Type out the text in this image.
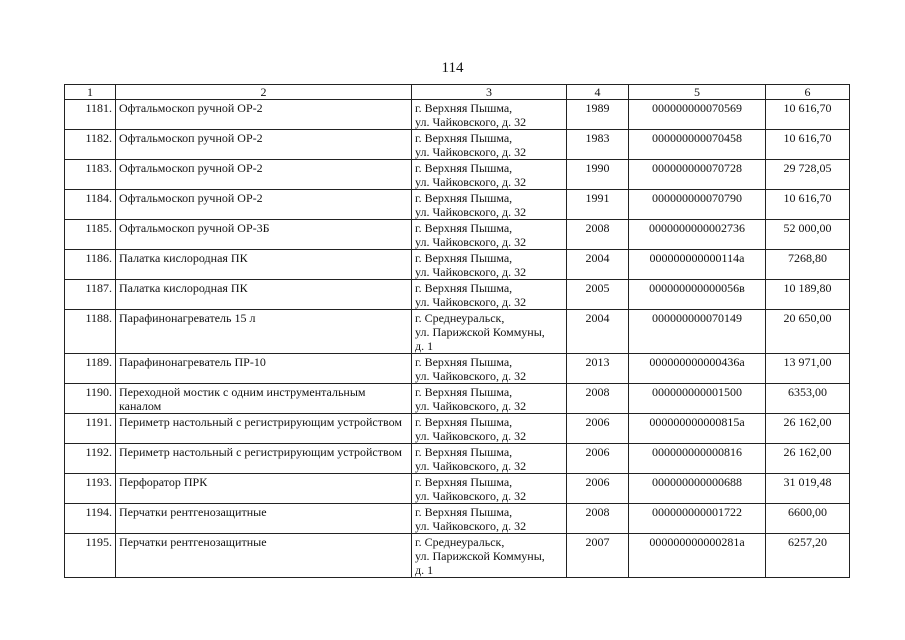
114
1	2	3	4	5	6
1181.	Офтальмоскоп ручной ОР-2	г. Верхняя Пышма,
ул. Чайковского, д. 32	1989	000000000070569	10 616,70
1182.	Офтальмоскоп ручной ОР-2	г. Верхняя Пышма,
ул. Чайковского, д. 32	1983	000000000070458	10 616,70
1183.	Офтальмоскоп ручной ОР-2	г. Верхняя Пышма,
ул. Чайковского, д. 32	1990	000000000070728	29 728,05
1184.	Офтальмоскоп ручной ОР-2	г. Верхняя Пышма,
ул. Чайковского, д. 32	1991	000000000070790	10 616,70
1185.	Офтальмоскоп ручной ОР-3Б	г. Верхняя Пышма,
ул. Чайковского, д. 32	2008	0000000000002736	52 000,00
1186.	Палатка кислородная ПК	г. Верхняя Пышма,
ул. Чайковского, д. 32	2004	000000000000114а	7268,80
1187.	Палатка кислородная ПК	г. Верхняя Пышма,
ул. Чайковского, д. 32	2005	000000000000056в	10 189,80
1188.	Парафинонагреватель 15 л	г. Среднеуральск,
ул. Парижской Коммуны,
д. 1	2004	000000000070149	20 650,00
1189.	Парафинонагреватель ПР-10	г. Верхняя Пышма,
ул. Чайковского, д. 32	2013	000000000000436а	13 971,00
1190.	Переходной мостик с одним инструментальным каналом	г. Верхняя Пышма,
ул. Чайковского, д. 32	2008	000000000001500	6353,00
1191.	Периметр настольный с регистрирующим устройством	г. Верхняя Пышма,
ул. Чайковского, д. 32	2006	000000000000815а	26 162,00
1192.	Периметр настольный с регистрирующим устройством	г. Верхняя Пышма,
ул. Чайковского, д. 32	2006	000000000000816	26 162,00
1193.	Перфоратор ПРК	г. Верхняя Пышма,
ул. Чайковского, д. 32	2006	000000000000688	31 019,48
1194.	Перчатки рентгенозащитные	г. Верхняя Пышма,
ул. Чайковского, д. 32	2008	000000000001722	6600,00
1195.	Перчатки рентгенозащитные	г. Среднеуральск,
ул. Парижской Коммуны,
д. 1	2007	000000000000281а	6257,20
